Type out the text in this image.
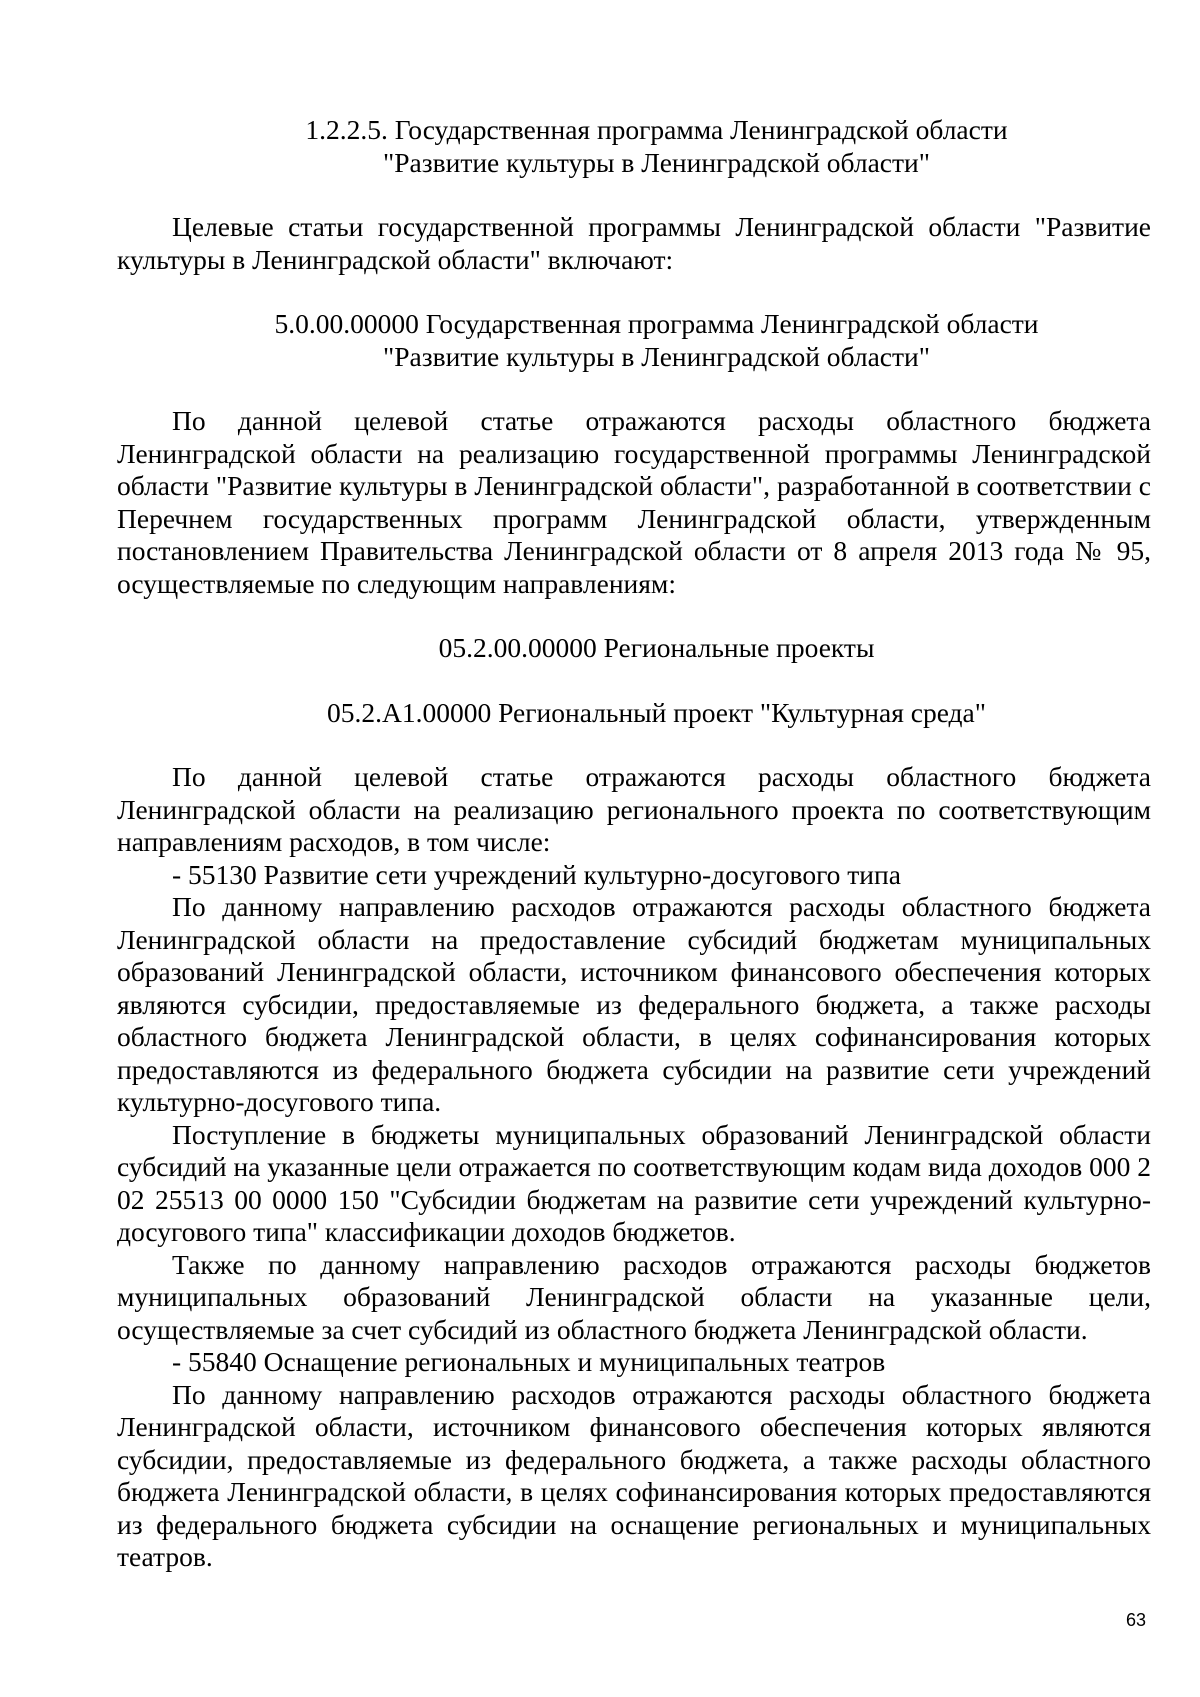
1.2.2.5. Государственная программа Ленинградской области
"Развитие культуры в Ленинградской области"

Целевые статьи государственной программы Ленинградской области "Развитие культуры в Ленинградской области" включают:

5.0.00.00000 Государственная программа Ленинградской области
"Развитие культуры в Ленинградской области"

По данной целевой статье отражаются расходы областного бюджета Ленинградской области на реализацию государственной программы Ленинградской области "Развитие культуры в Ленинградской области", разработанной в соответствии с Перечнем государственных программ Ленинградской области, утвержденным постановлением Правительства Ленинградской области от 8 апреля 2013 года № 95, осуществляемые по следующим направлениям:

05.2.00.00000 Региональные проекты
05.2.А1.00000 Региональный проект "Культурная среда"

По данной целевой статье отражаются расходы областного бюджета Ленинградской области на реализацию регионального проекта по соответствующим направлениям расходов, в том числе:

- 55130 Развитие сети учреждений культурно-досугового типа

По данному направлению расходов отражаются расходы областного бюджета Ленинградской области на предоставление субсидий бюджетам муниципальных образований Ленинградской области, источником финансового обеспечения которых являются субсидии, предоставляемые из федерального бюджета, а также расходы областного бюджета Ленинградской области, в целях софинансирования которых предоставляются из федерального бюджета субсидии на развитие сети учреждений культурно-досугового типа.

Поступление в бюджеты муниципальных образований Ленинградской области субсидий на указанные цели отражается по соответствующим кодам вида доходов 000 2 02 25513 00 0000 150 "Субсидии бюджетам на развитие сети учреждений культурно-досугового типа" классификации доходов бюджетов.

Также по данному направлению расходов отражаются расходы бюджетов муниципальных образований Ленинградской области на указанные цели, осуществляемые за счет субсидий из областного бюджета Ленинградской области.

- 55840 Оснащение региональных и муниципальных театров

По данному направлению расходов отражаются расходы областного бюджета Ленинградской области, источником финансового обеспечения которых являются субсидии, предоставляемые из федерального бюджета, а также расходы областного бюджета Ленинградской области, в целях софинансирования которых предоставляются из федерального бюджета субсидии на оснащение региональных и муниципальных театров.

63
